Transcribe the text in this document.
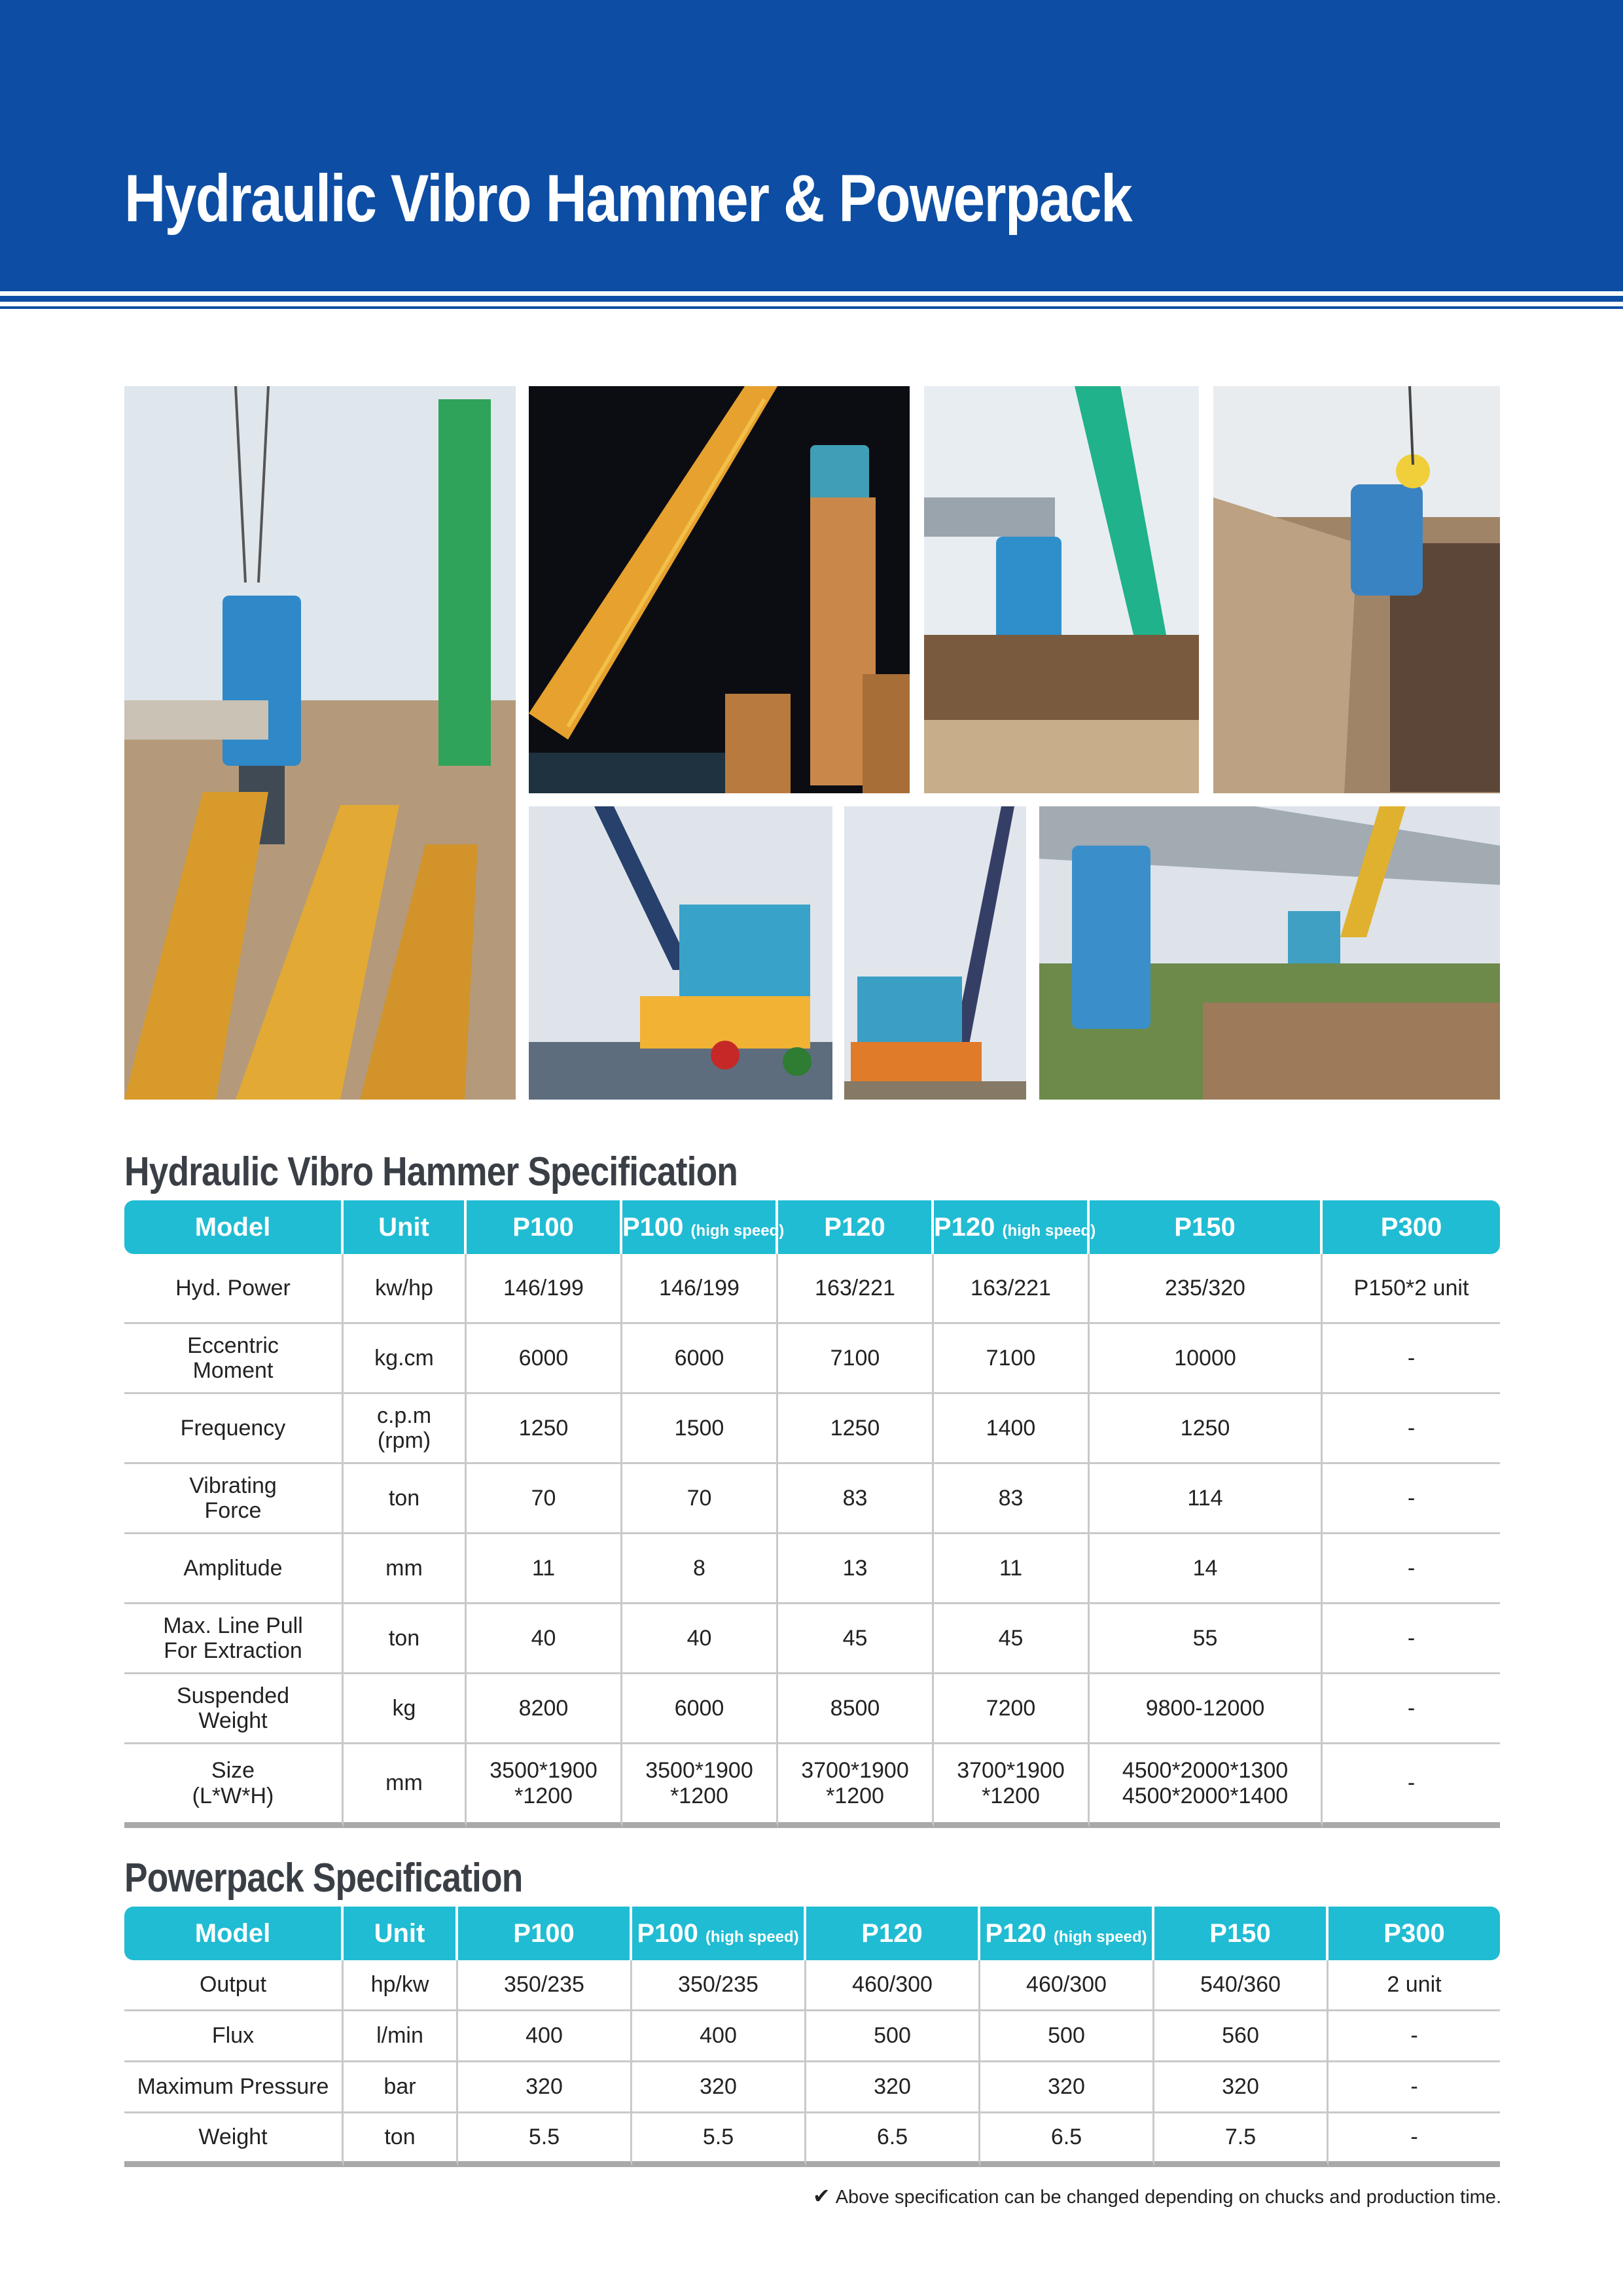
Hydraulic Vibro Hammer & Powerpack
Hydraulic Vibro Hammer Specification
Model	Unit	P100	P100 (high speed)	P120	P120 (high speed)	P150	P300
Hyd. Power	kw/hp	146/199	146/199	163/221	163/221	235/320	P150*2 unit
Eccentric
Moment	kg.cm	6000	6000	7100	7100	10000	-
Frequency	c.p.m
(rpm)	1250	1500	1250	1400	1250	-
Vibrating
Force	ton	70	70	83	83	114	-
Amplitude	mm	11	8	13	11	14	-
Max. Line Pull
For Extraction	ton	40	40	45	45	55	-
Suspended
Weight	kg	8200	6000	8500	7200	9800-12000	-
Size
(L*W*H)	mm	3500*1900
*1200	3500*1900
*1200	3700*1900
*1200	3700*1900
*1200	4500*2000*1300
4500*2000*1400	-
Powerpack Specification
Model	Unit	P100	P100 (high speed)	P120	P120 (high speed)	P150	P300
Output	hp/kw	350/235	350/235	460/300	460/300	540/360	2 unit
Flux	l/min	400	400	500	500	560	-
Maximum Pressure	bar	320	320	320	320	320	-
Weight	ton	5.5	5.5	6.5	6.5	7.5	-
✔ Above specification can be changed depending on chucks and production time.
